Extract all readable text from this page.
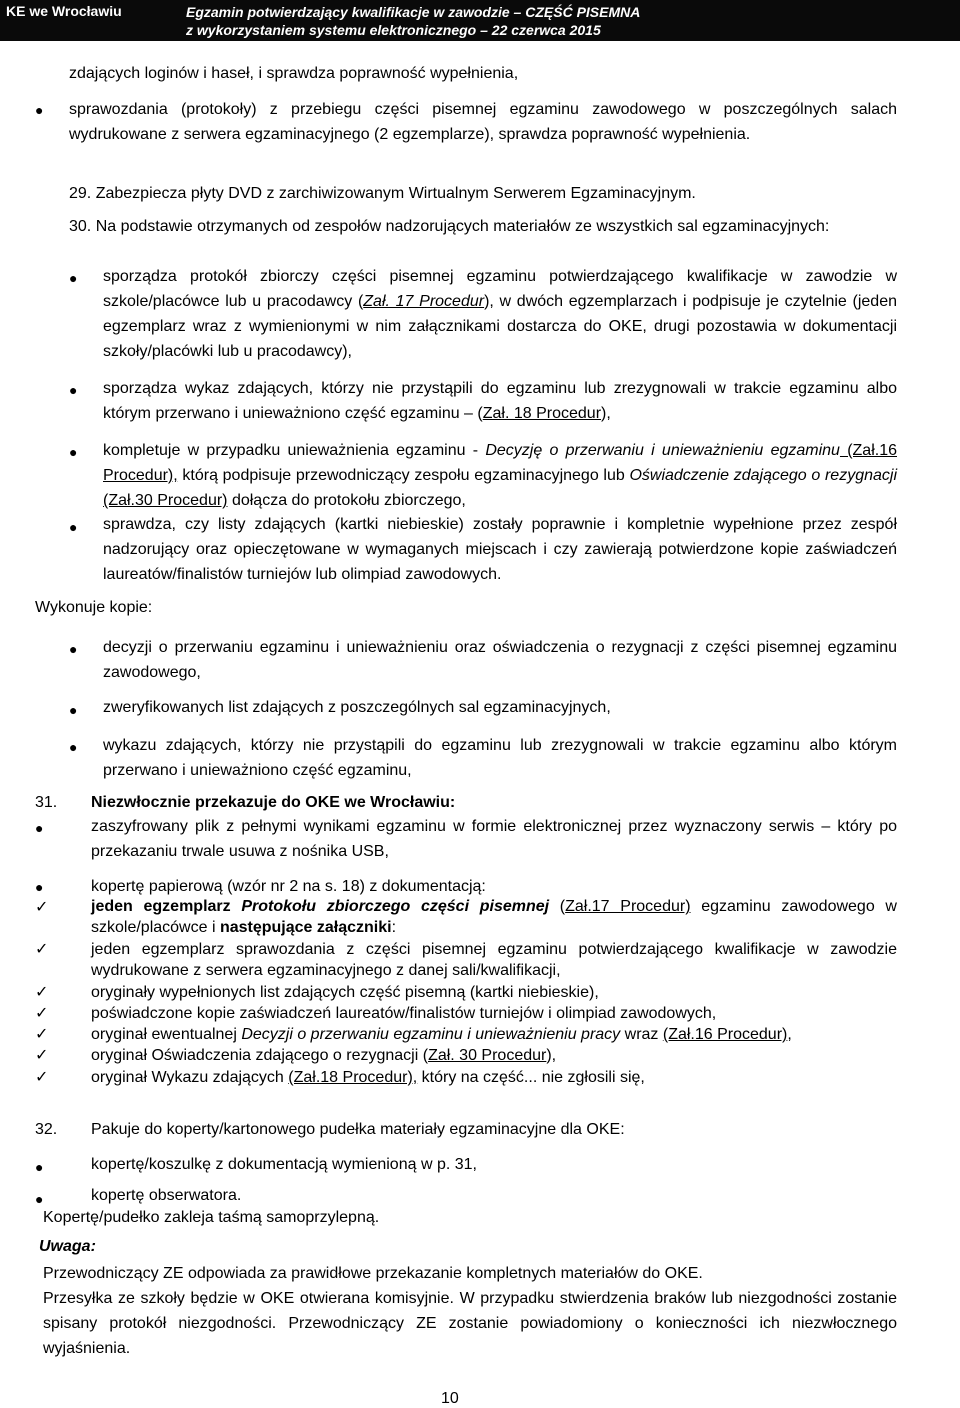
KE we Wrocławiu	Egzamin potwierdzający kwalifikacje w zawodzie – CZĘŚĆ PISEMNA
z wykorzystaniem systemu elektronicznego – 22 czerwca 2015
zdających loginów i haseł, i sprawdza poprawność wypełnienia,
● sprawozdania (protokoły) z przebiegu części pisemnej egzaminu zawodowego w poszczególnych salach wydrukowane z serwera egzaminacyjnego (2 egzemplarze), sprawdza poprawność wypełnienia.
29. Zabezpiecza płyty DVD z zarchiwizowanym Wirtualnym Serwerem Egzaminacyjnym.
30. Na podstawie otrzymanych od zespołów nadzorujących materiałów ze wszystkich sal egzaminacyjnych:
● sporządza protokół zbiorczy części pisemnej egzaminu potwierdzającego kwalifikacje w zawodzie w szkole/placówce lub u pracodawcy (Zał. 17 Procedur), w dwóch egzemplarzach i podpisuje je czytelnie (jeden egzemplarz wraz z wymienionymi w nim załącznikami dostarcza do OKE, drugi pozostawia w dokumentacji szkoły/placówki lub u pracodawcy),
● sporządza wykaz zdających, którzy nie przystąpili do egzaminu lub zrezygnowali w trakcie egzaminu albo którym przerwano i unieważniono część egzaminu – (Zał. 18 Procedur),
● kompletuje w przypadku unieważnienia egzaminu - Decyzję o przerwaniu i unieważnieniu egzaminu (Zał.16 Procedur), którą podpisuje przewodniczący zespołu egzaminacyjnego lub Oświadczenie zdającego o rezygnacji (Zał.30 Procedur) dołącza do protokołu zbiorczego,
● sprawdza, czy listy zdających (kartki niebieskie) zostały poprawnie i kompletnie wypełnione przez zespół nadzorujący oraz opieczętowane w wymaganych miejscach i czy zawierają potwierdzone kopie zaświadczeń laureatów/finalistów turniejów lub olimpiad zawodowych.
Wykonuje kopie:
● decyzji o przerwaniu egzaminu i unieważnieniu oraz oświadczenia o rezygnacji z części pisemnej egzaminu zawodowego,
● zweryfikowanych list zdających z poszczególnych sal egzaminacyjnych,
● wykazu zdających, którzy nie przystąpili do egzaminu lub zrezygnowali w trakcie egzaminu albo którym przerwano i unieważniono część egzaminu,
31. Niezwłocznie przekazuje do OKE we Wrocławiu:
●	zaszyfrowany plik z pełnymi wynikami egzaminu w formie elektronicznej przez wyznaczony serwis – który po przekazaniu trwale usuwa z nośnika USB,
●	kopertę papierową (wzór nr 2 na s. 18) z dokumentacją:
✓	jeden egzemplarz Protokołu zbiorczego części pisemnej (Zał.17 Procedur) egzaminu zawodowego w szkole/placówce i następujące załączniki:
✓	jeden egzemplarz sprawozdania z części pisemnej egzaminu potwierdzającego kwalifikacje w zawodzie wydrukowane z serwera egzaminacyjnego z danej sali/kwalifikacji,
✓	oryginały wypełnionych list zdających część pisemną (kartki niebieskie),
✓	poświadczone kopie zaświadczeń laureatów/finalistów turniejów i olimpiad zawodowych,
✓	oryginał ewentualnej Decyzji o przerwaniu egzaminu i unieważnieniu pracy wraz (Zał.16 Procedur),
✓	oryginał Oświadczenia zdającego o rezygnacji (Zał. 30 Procedur),
✓	oryginał Wykazu zdających (Zał.18 Procedur), który na część... nie zgłosili się,
32. Pakuje do koperty/kartonowego pudełka materiały egzaminacyjne dla OKE:
●	kopertę/koszulkę z dokumentacją wymienioną w p. 31,
●	kopertę obserwatora.
Kopertę/pudełko zakleja taśmą samoprzylepną.
Uwaga:
Przewodniczący ZE odpowiada za prawidłowe przekazanie kompletnych materiałów do OKE.
Przesyłka ze szkoły będzie w OKE otwierana komisyjnie. W przypadku stwierdzenia braków lub niezgodności zostanie spisany protokół niezgodności. Przewodniczący ZE zostanie powiadomiony o konieczności ich niezwłocznego wyjaśnienia.
10
